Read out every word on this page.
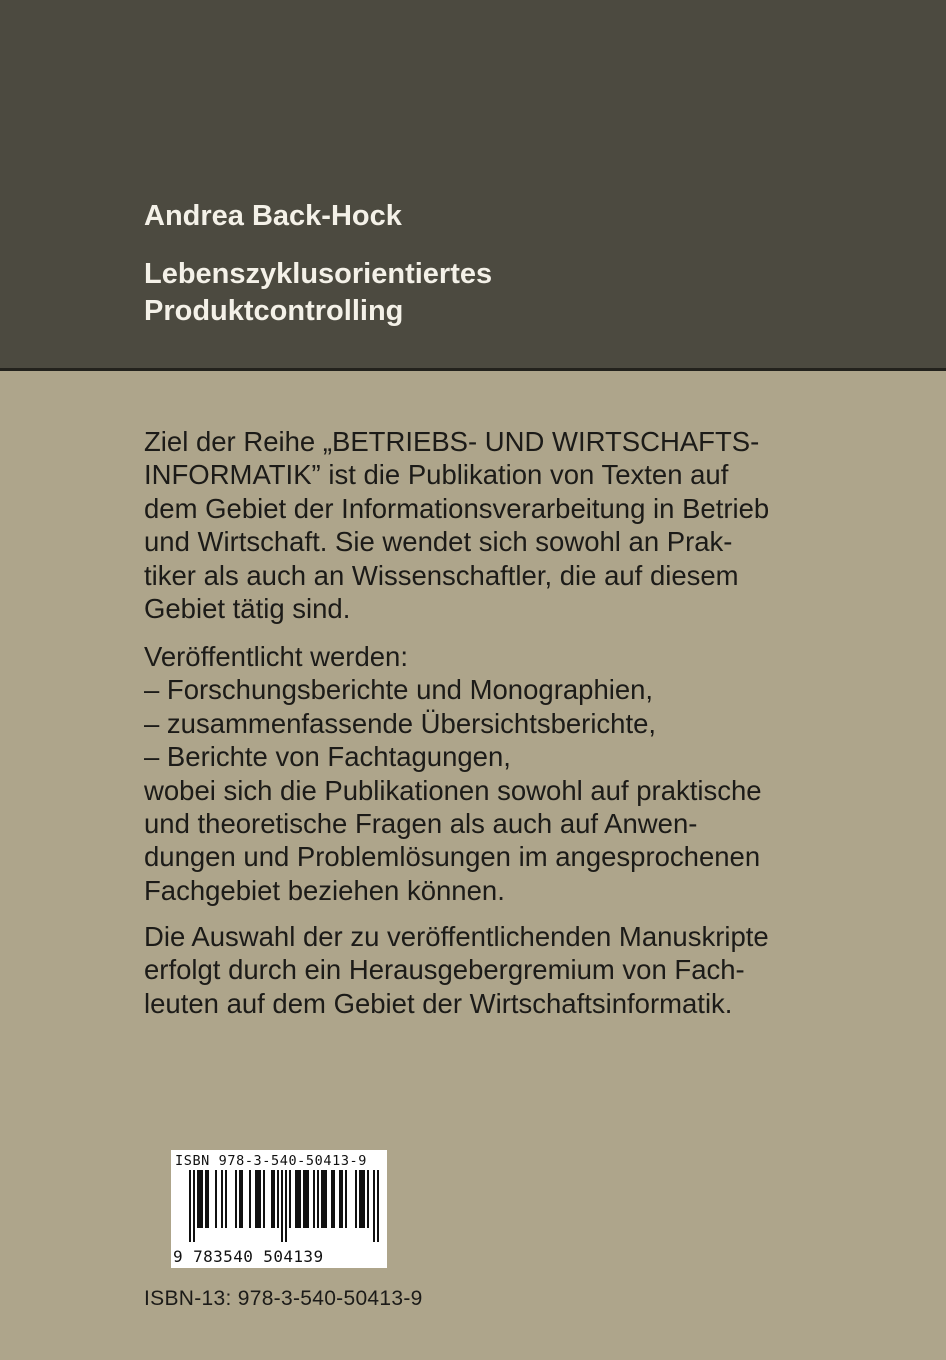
Andrea Back-Hock
Lebenszyklusorientiertes
Produktcontrolling
Ziel der Reihe „BETRIEBS- UND WIRTSCHAFTS-
INFORMATIK” ist die Publikation von Texten auf
dem Gebiet der Informationsverarbeitung in Betrieb
und Wirtschaft. Sie wendet sich sowohl an Prak-
tiker als auch an Wissenschaftler, die auf diesem
Gebiet tätig sind.
Veröffentlicht werden:
– Forschungsberichte und Monographien,
– zusammenfassende Übersichtsberichte,
– Berichte von Fachtagungen,
wobei sich die Publikationen sowohl auf praktische
und theoretische Fragen als auch auf Anwen-
dungen und Problemlösungen im angesprochenen
Fachgebiet beziehen können.
Die Auswahl der zu veröffentlichenden Manuskripte
erfolgt durch ein Herausgebergremium von Fach-
leuten auf dem Gebiet der Wirtschaftsinformatik.
ISBN 978-3-540-50413-9
9 783540 504139
ISBN-13: 978-3-540-50413-9
